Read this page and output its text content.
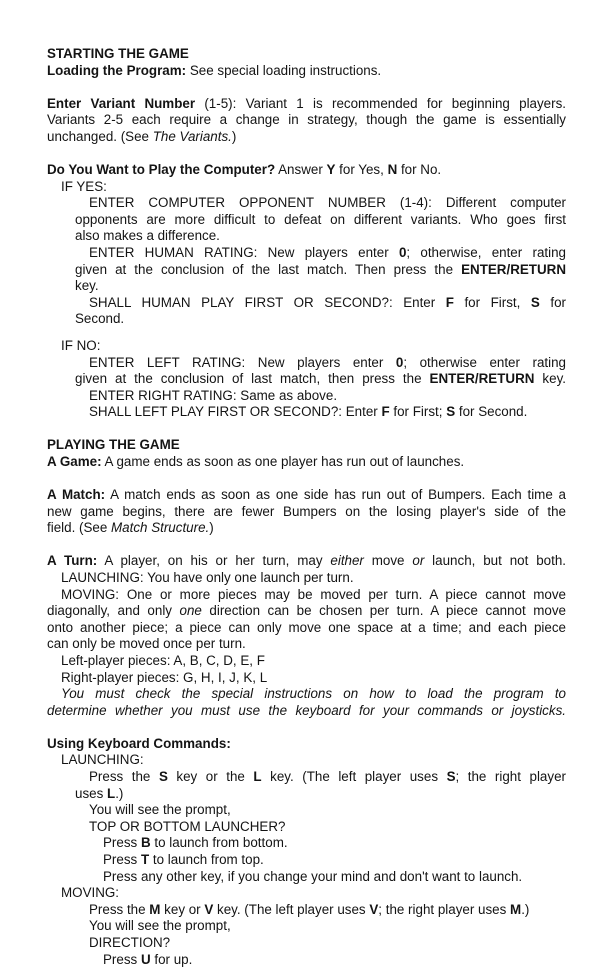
STARTING THE GAME

Loading the Program: See special loading instructions.

Enter Variant Number (1-5): Variant 1 is recommended for beginning players.

Variants 2-5 each require a change in strategy, though the game is essentially

unchanged. (See The Variants.)

Do You Want to Play the Computer? Answer Y for Yes, N for No.

IF YES:

ENTER COMPUTER OPPONENT NUMBER (1-4): Different computer

opponents are more difficult to defeat on different variants. Who goes first

also makes a difference.

ENTER HUMAN RATING: New players enter 0; otherwise, enter rating

given at the conclusion of the last match. Then press the ENTER/RETURN

key.

SHALL HUMAN PLAY FIRST OR SECOND?: Enter F for First, S for

Second.

IF NO:

ENTER LEFT RATING: New players enter 0; otherwise enter rating

given at the conclusion of last match, then press the ENTER/RETURN key.

ENTER RIGHT RATING: Same as above.

SHALL LEFT PLAY FIRST OR SECOND?: Enter F for First; S for Second.

PLAYING THE GAME

A Game: A game ends as soon as one player has run out of launches.

A Match: A match ends as soon as one side has run out of Bumpers. Each time a

new game begins, there are fewer Bumpers on the losing player's side of the

field. (See Match Structure.)

A Turn: A player, on his or her turn, may either move or launch, but not both.

LAUNCHING: You have only one launch per turn.

MOVING: One or more pieces may be moved per turn. A piece cannot move

diagonally, and only one direction can be chosen per turn. A piece cannot move

onto another piece; a piece can only move one space at a time; and each piece

can only be moved once per turn.

Left-player pieces: A, B, C, D, E, F

Right-player pieces: G, H, I, J, K, L

You must check the special instructions on how to load the program to

determine whether you must use the keyboard for your commands or joysticks.

Using Keyboard Commands:

LAUNCHING:

Press the S key or the L key. (The left player uses S; the right player

uses L.)

You will see the prompt,

TOP OR BOTTOM LAUNCHER?

Press B to launch from bottom.

Press T to launch from top.

Press any other key, if you change your mind and don't want to launch.

MOVING:

Press the M key or V key. (The left player uses V; the right player uses M.)

You will see the prompt,

DIRECTION?

Press U for up.
